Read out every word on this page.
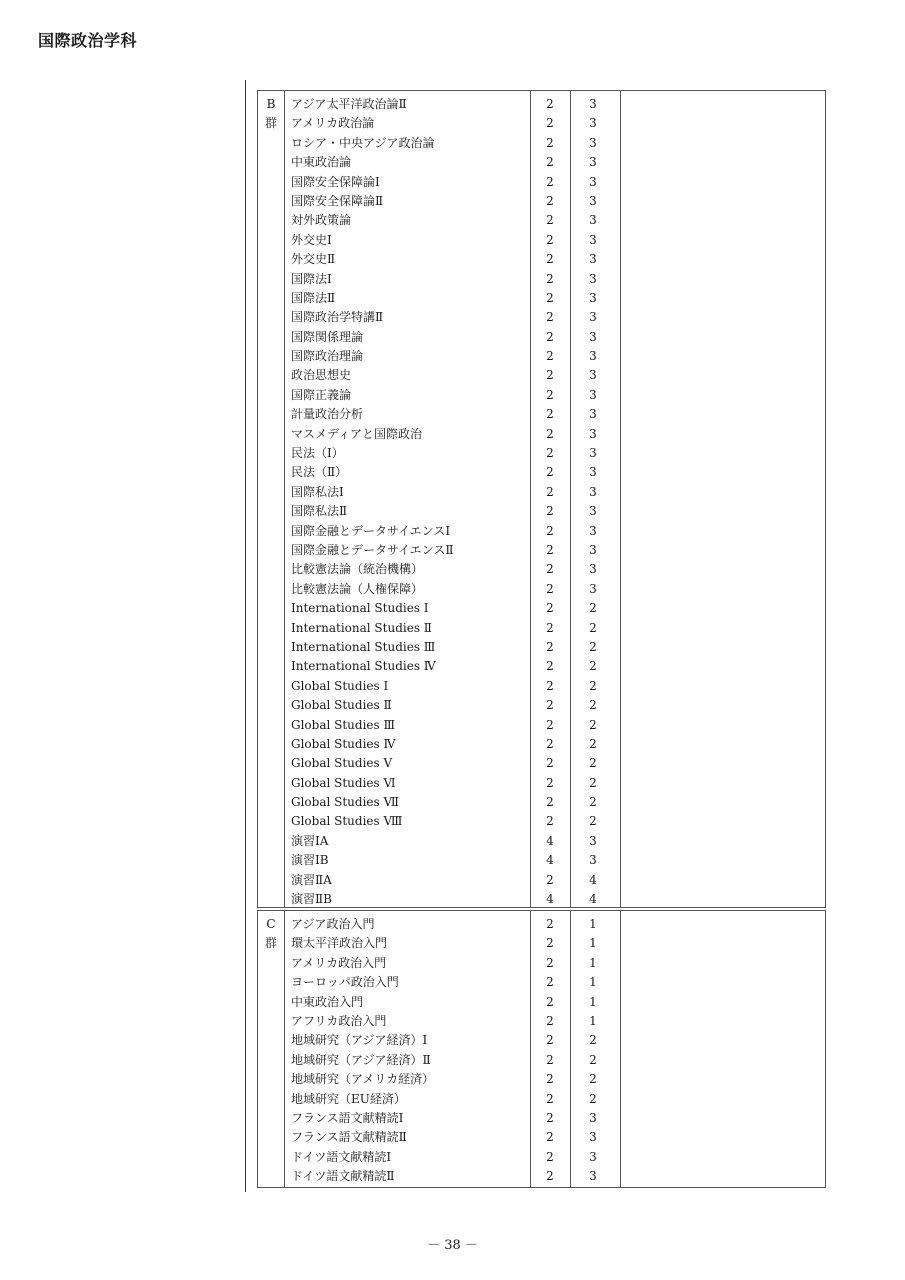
国際政治学科
B
群
アジア太平洋政治論Ⅱ	2	3
アメリカ政治論	2	3
ロシア・中央アジア政治論	2	3
中東政治論	2	3
国際安全保障論Ⅰ	2	3
国際安全保障論Ⅱ	2	3
対外政策論	2	3
外交史Ⅰ	2	3
外交史Ⅱ	2	3
国際法Ⅰ	2	3
国際法Ⅱ	2	3
国際政治学特講Ⅱ	2	3
国際関係理論	2	3
国際政治理論	2	3
政治思想史	2	3
国際正義論	2	3
計量政治分析	2	3
マスメディアと国際政治	2	3
民法（Ⅰ）	2	3
民法（Ⅱ）	2	3
国際私法Ⅰ	2	3
国際私法Ⅱ	2	3
国際金融とデータサイエンスⅠ	2	3
国際金融とデータサイエンスⅡ	2	3
比較憲法論（統治機構）	2	3
比較憲法論（人権保障）	2	3
International Studies Ⅰ	2	2
International Studies Ⅱ	2	2
International Studies Ⅲ	2	2
International Studies Ⅳ	2	2
Global Studies Ⅰ	2	2
Global Studies Ⅱ	2	2
Global Studies Ⅲ	2	2
Global Studies Ⅳ	2	2
Global Studies Ⅴ	2	2
Global Studies Ⅵ	2	2
Global Studies Ⅶ	2	2
Global Studies Ⅷ	2	2
演習ⅠA	4	3
演習ⅠB	4	3
演習ⅡA	2	4
演習ⅡB	4	4
C
群
アジア政治入門	2	1
環太平洋政治入門	2	1
アメリカ政治入門	2	1
ヨーロッパ政治入門	2	1
中東政治入門	2	1
アフリカ政治入門	2	1
地域研究（アジア経済）Ⅰ	2	2
地域研究（アジア経済）Ⅱ	2	2
地域研究（アメリカ経済）	2	2
地域研究（EU経済）	2	2
フランス語文献精読Ⅰ	2	3
フランス語文献精読Ⅱ	2	3
ドイツ語文献精読Ⅰ	2	3
ドイツ語文献精読Ⅱ	2	3
－ 38 －
